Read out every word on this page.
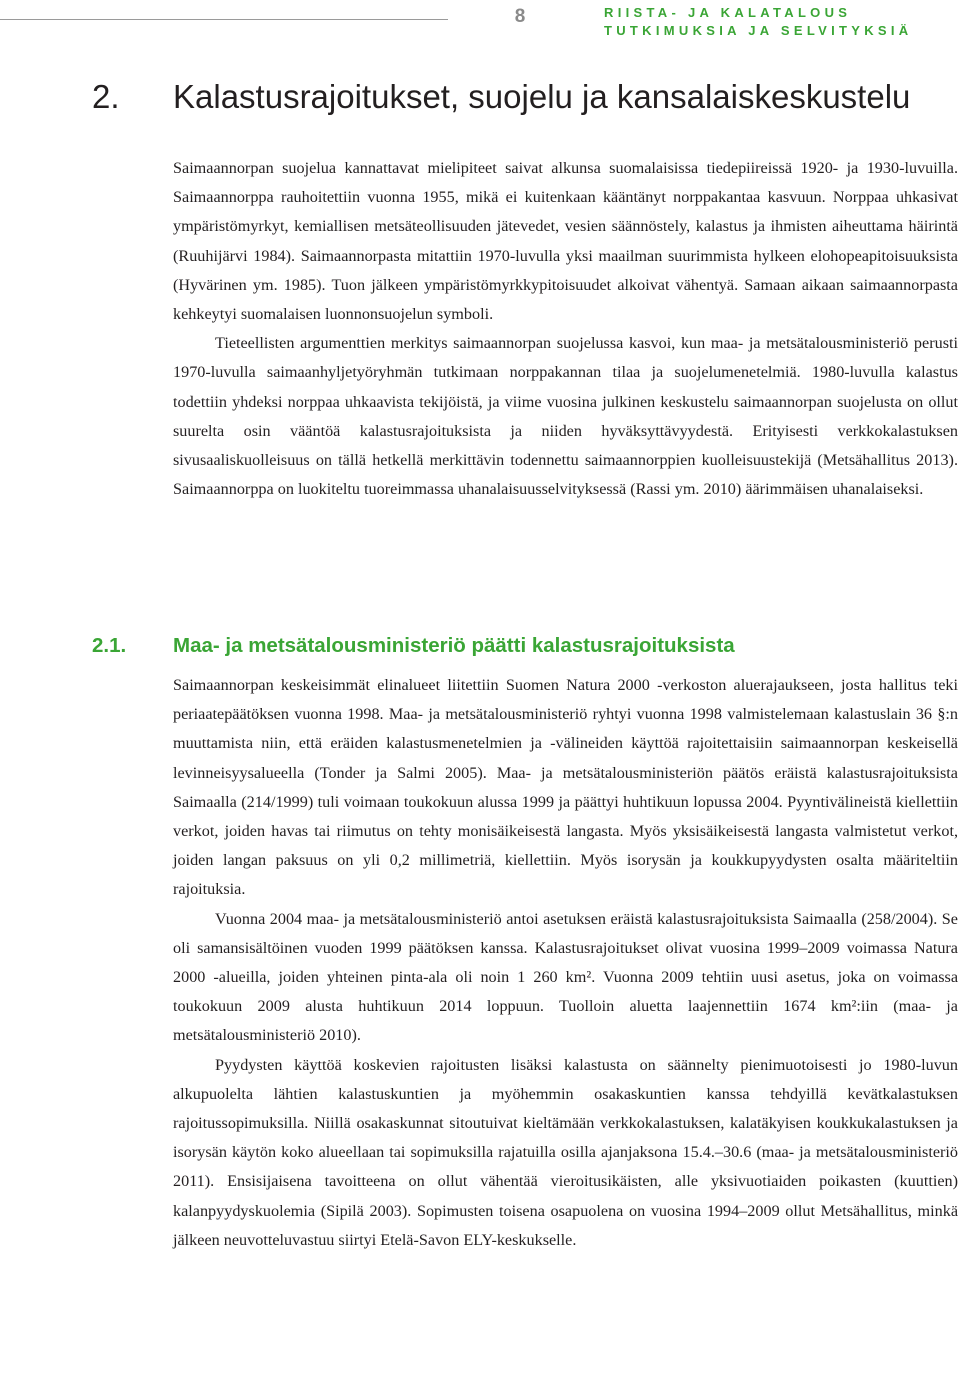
8	RIISTA- JA KALATALOUS
TUTKIMUKSIA JA SELVITYKSIÄ
2. Kalastusrajoitukset, suojelu ja kansalaiskeskustelu

Saimaannorpan suojelua kannattavat mielipiteet saivat alkunsa suomalaisissa tiedepiireissä 1920- ja 1930-luvuilla. Saimaannorppa rauhoitettiin vuonna 1955, mikä ei kuitenkaan kääntänyt norppakantaa kasvuun. Norppaa uhkasivat ympäristömyrkyt, kemiallisen metsäteollisuuden jätevedet, vesien säännöstely, kalastus ja ihmisten aiheuttama häirintä (Ruuhijärvi 1984). Saimaannorpasta mitattiin 1970-luvulla yksi maailman suurimmista hylkeen elohopeapitoisuuksista (Hyvärinen ym. 1985). Tuon jälkeen ympäristömyrkkypitoisuudet alkoivat vähentyä. Samaan aikaan saimaannorpasta kehkeytyi suomalaisen luonnonsuojelun symboli.

Tieteellisten argumenttien merkitys saimaannorpan suojelussa kasvoi, kun maa- ja metsätalousministeriö perusti 1970-luvulla saimaanhyljetyöryhmän tutkimaan norppakannan tilaa ja suojelumenetelmiä. 1980-luvulla kalastus todettiin yhdeksi norppaa uhkaavista tekijöistä, ja viime vuosina julkinen keskustelu saimaannorpan suojelusta on ollut suurelta osin vääntöä kalastusrajoituksista ja niiden hyväksyttävyydestä. Erityisesti verkkokalastuksen sivusaaliskuolleisuus on tällä hetkellä merkittävin todennettu saimaannorppien kuolleisuustekijä (Metsähallitus 2013). Saimaannorppa on luokiteltu tuoreimmassa uhanalaisuusselvityksessä (Rassi ym. 2010) äärimmäisen uhanalaiseksi.

2.1. Maa- ja metsätalousministeriö päätti kalastusrajoituksista

Saimaannorpan keskeisimmät elinalueet liitettiin Suomen Natura 2000 -verkoston aluerajaukseen, josta hallitus teki periaatepäätöksen vuonna 1998. Maa- ja metsätalousministeriö ryhtyi vuonna 1998 valmistelemaan kalastuslain 36 §:n muuttamista niin, että eräiden kalastusmenetelmien ja -välineiden käyttöä rajoitettaisiin saimaannorpan keskeisellä levinneisyysalueella (Tonder ja Salmi 2005). Maa- ja metsätalousministeriön päätös eräistä kalastusrajoituksista Saimaalla (214/1999) tuli voimaan toukokuun alussa 1999 ja päättyi huhtikuun lopussa 2004. Pyyntivälineistä kiellettiin verkot, joiden havas tai riimutus on tehty monisäikeisestä langasta. Myös yksisäikeisestä langasta valmistetut verkot, joiden langan paksuus on yli 0,2 millimetriä, kiellettiin. Myös isorysän ja koukkupyydysten osalta määriteltiin rajoituksia.

Vuonna 2004 maa- ja metsätalousministeriö antoi asetuksen eräistä kalastusrajoituksista Saimaalla (258/2004). Se oli samansisältöinen vuoden 1999 päätöksen kanssa. Kalastusrajoitukset olivat vuosina 1999–2009 voimassa Natura 2000 -alueilla, joiden yhteinen pinta-ala oli noin 1 260 km². Vuonna 2009 tehtiin uusi asetus, joka on voimassa toukokuun 2009 alusta huhtikuun 2014 loppuun. Tuolloin aluetta laajennettiin 1674 km²:iin (maa- ja metsätalousministeriö 2010).

Pyydysten käyttöä koskevien rajoitusten lisäksi kalastusta on säännelty pienimuotoisesti jo 1980-luvun alkupuolelta lähtien kalastuskuntien ja myöhemmin osakaskuntien kanssa tehdyillä kevätkalastuksen rajoitussopimuksilla. Niillä osakaskunnat sitoutuivat kieltämään verkkokalastuksen, kalatäkyisen koukkukalastuksen ja isorysän käytön koko alueellaan tai sopimuksilla rajatuilla osilla ajanjaksona 15.4.–30.6 (maa- ja metsätalousministeriö 2011). Ensisijaisena tavoitteena on ollut vähentää vieroitusikäisten, alle yksivuotiaiden poikasten (kuuttien) kalanpyydyskuolemia (Sipilä 2003). Sopimusten toisena osapuolena on vuosina 1994–2009 ollut Metsähallitus, minkä jälkeen neuvotteluvastuu siirtyi Etelä-Savon ELY-keskukselle.
